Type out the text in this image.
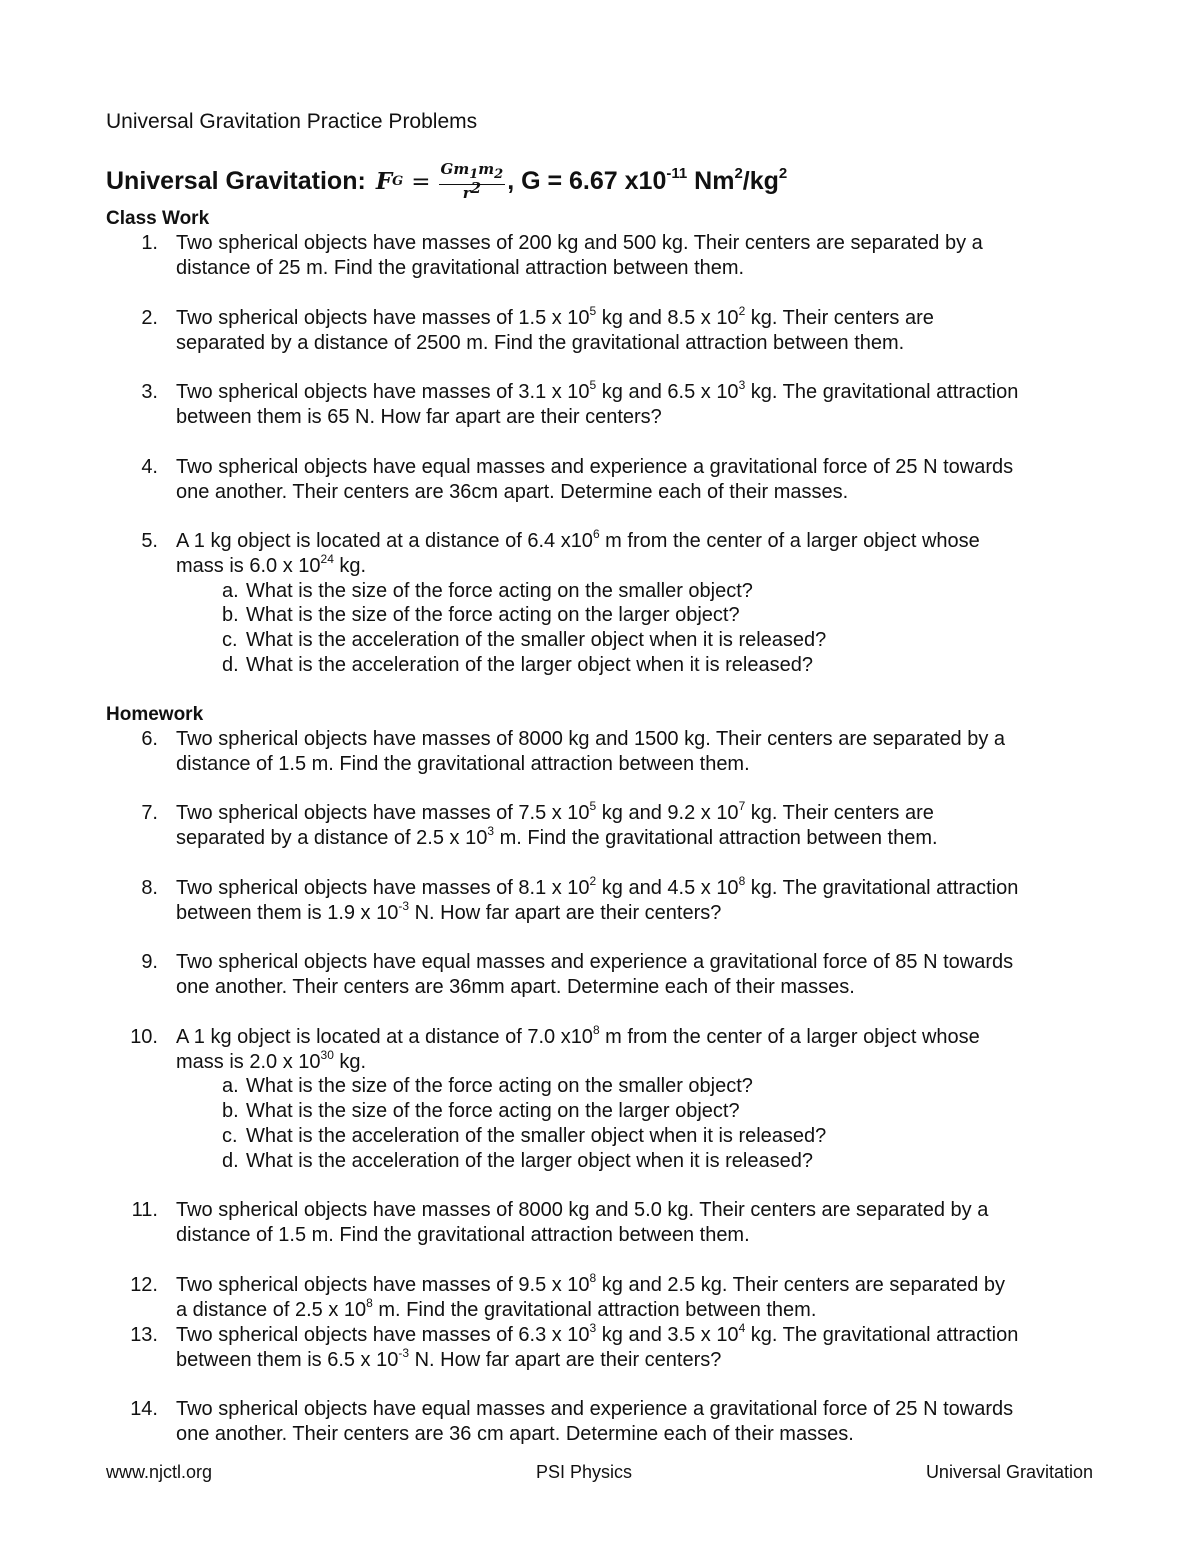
Universal Gravitation Practice Problems
Universal Gravitation: F $G = \frac{Gm_1m_2}{r^2}$ , G = 6.67 $x10^{-11}$ $Nm^2/kg^2$
Class Work
1. Two spherical objects have masses of 200 kg and 500 kg. Their centers are separated by a
distance of 25 m. Find the gravitational attraction between them.
2. Two spherical objects have masses of 1.5 x $10^5$ kg and 8.5 x $10^2$ kg. Their centers are
separated by a distance of 2500 m. Find the gravitational attraction between them.
3. Two spherical objects have masses of 3.1 x $10^5$ kg and 6.5 x $10^3$ kg. The gravitational attraction
between them is 65 N. How far apart are their centers?
4. Two spherical objects have equal masses and experience a gravitational force of 25 N towards
one another. Their centers are 36cm apart. Determine each of their masses.
5. A 1 kg object is located at a distance of 6.4 $x10^6$ m from the center of a larger object whose
mass is 6.0 x $10^{24}$ kg.
a. What is the size of the force acting on the smaller object?
b. What is the size of the force acting on the larger object?
c. What is the acceleration of the smaller object when it is released?
d. What is the acceleration of the larger object when it is released?
Homework
6. Two spherical objects have masses of 8000 kg and 1500 kg. Their centers are separated by a
distance of 1.5 m. Find the gravitational attraction between them.
7. Two spherical objects have masses of 7.5 x $10^5$ kg and 9.2 x $10^7$ kg. Their centers are
separated by a distance of 2.5 x $10^3$ m. Find the gravitational attraction between them.
8. Two spherical objects have masses of 8.1 x $10^2$ kg and 4.5 x $10^8$ kg. The gravitational attraction
between them is 1.9 x $10^{-3}$ N. How far apart are their centers?
9. Two spherical objects have equal masses and experience a gravitational force of 85 N towards
one another. Their centers are 36mm apart. Determine each of their masses.
10. A 1 kg object is located at a distance of 7.0 $x10^8$ m from the center of a larger object whose
mass is 2.0 x $10^{30}$ kg.
a. What is the size of the force acting on the smaller object?
b. What is the size of the force acting on the larger object?
c. What is the acceleration of the smaller object when it is released?
d. What is the acceleration of the larger object when it is released?
11. Two spherical objects have masses of 8000 kg and 5.0 kg. Their centers are separated by a
distance of 1.5 m. Find the gravitational attraction between them.
12. Two spherical objects have masses of 9.5 x $10^8$ kg and 2.5 kg. Their centers are separated by
a distance of 2.5 x $10^8$ m. Find the gravitational attraction between them.
13. Two spherical objects have masses of 6.3 x $10^3$ kg and 3.5 x $10^4$ kg. The gravitational attraction
between them is 6.5 x $10^{-3}$ N. How far apart are their centers?
14. Two spherical objects have equal masses and experience a gravitational force of 25 N towards
one another. Their centers are 36 cm apart. Determine each of their masses.
www.njctl.org	PSI Physics	Universal Gravitation
